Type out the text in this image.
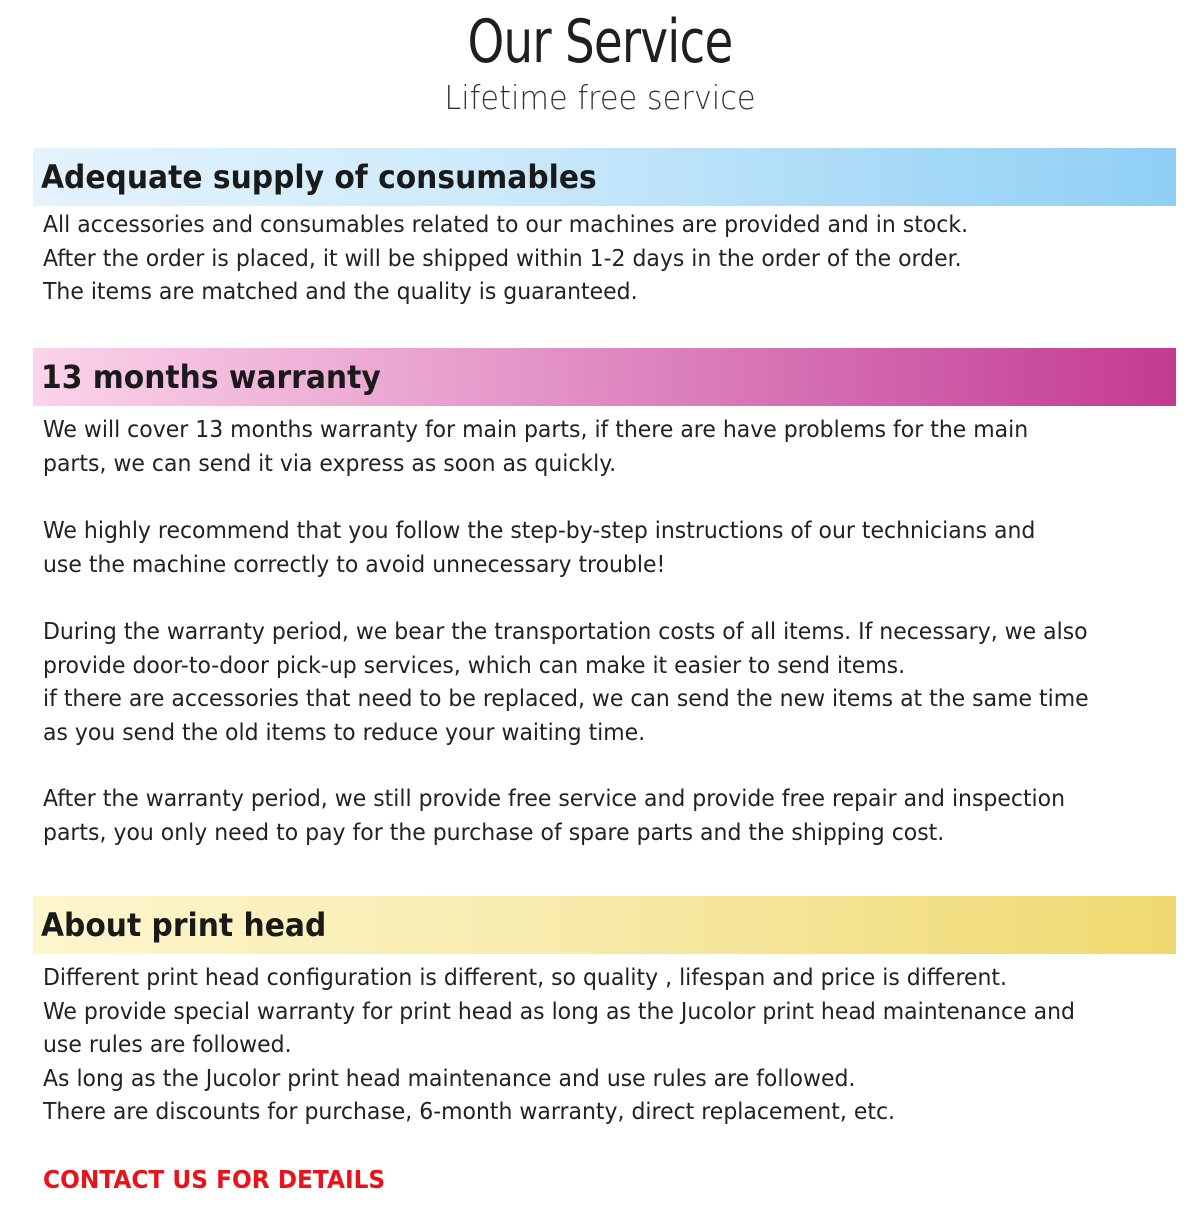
Our Service
Lifetime free service
Adequate supply of consumables
All accessories and consumables related to our machines are provided and in stock.
After the order is placed, it will be shipped within 1-2 days in the order of the order.
The items are matched and the quality is guaranteed.
13 months warranty
We will cover 13 months warranty for main parts, if there are have problems for the main
parts, we can send it via express as soon as quickly.
We highly recommend that you follow the step-by-step instructions of our technicians and
use the machine correctly to avoid unnecessary trouble!
During the warranty period, we bear the transportation costs of all items. If necessary, we also
provide door-to-door pick-up services, which can make it easier to send items.
if there are accessories that need to be replaced, we can send the new items at the same time
as you send the old items to reduce your waiting time.
After the warranty period, we still provide free service and provide free repair and inspection
parts, you only need to pay for the purchase of spare parts and the shipping cost.
About print head
Different print head configuration is different, so quality , lifespan and price is different.
We provide special warranty for print head as long as the Jucolor print head maintenance and
use rules are followed.
As long as the Jucolor print head maintenance and use rules are followed.
There are discounts for purchase, 6-month warranty, direct replacement, etc.
CONTACT US FOR DETAILS
